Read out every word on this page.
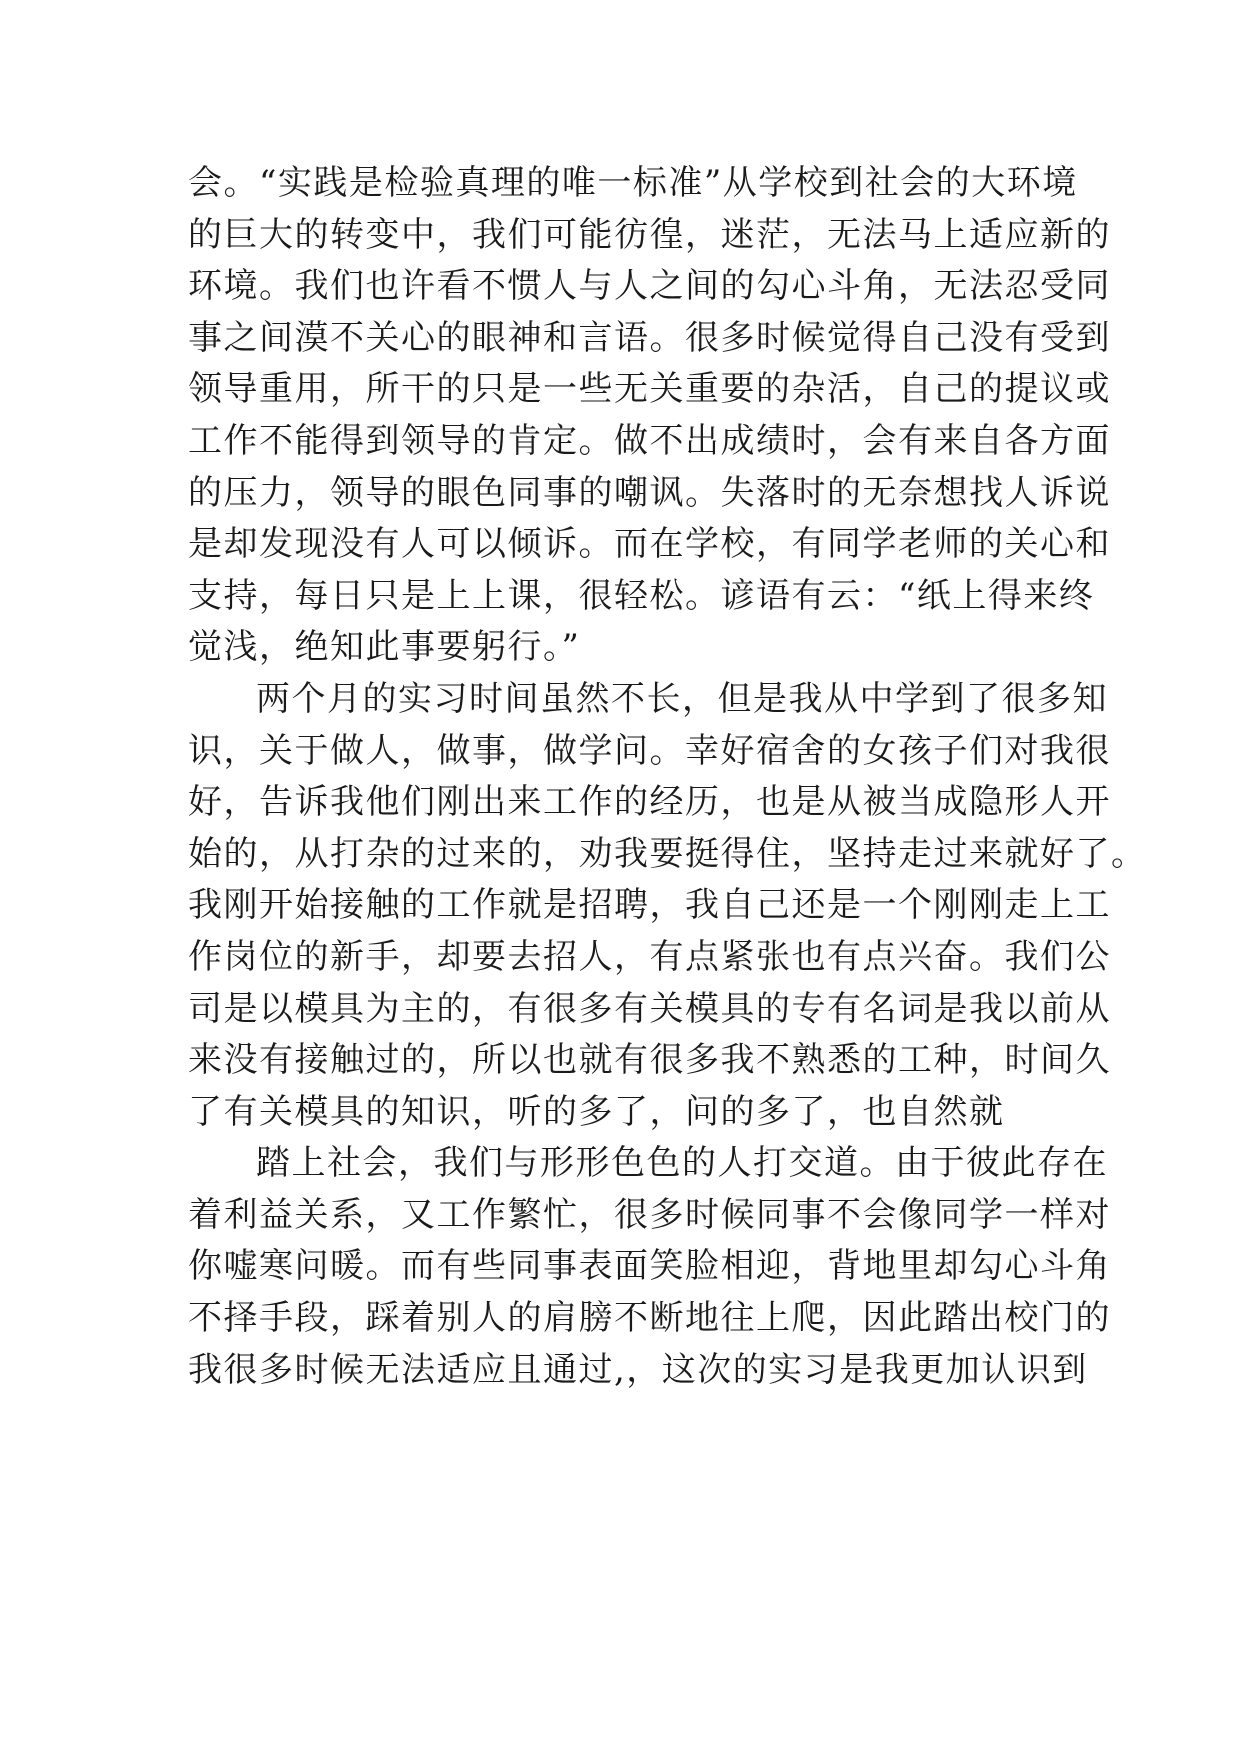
会。“实践是检验真理的唯一标准”从学校到社会的大环境
的巨大的转变中，我们可能彷徨，迷茫，无法马上适应新的
环境。我们也许看不惯人与人之间的勾心斗角，无法忍受同
事之间漠不关心的眼神和言语。很多时候觉得自己没有受到
领导重用，所干的只是一些无关重要的杂活，自己的提议或
工作不能得到领导的肯定。做不出成绩时，会有来自各方面
的压力，领导的眼色同事的嘲讽。失落时的无奈想找人诉说
是却发现没有人可以倾诉。而在学校，有同学老师的关心和
支持，每日只是上上课，很轻松。谚语有云：“纸上得来终
觉浅，绝知此事要躬行。”
两个月的实习时间虽然不长，但是我从中学到了很多知
识，关于做人，做事，做学问。幸好宿舍的女孩子们对我很
好，告诉我他们刚出来工作的经历，也是从被当成隐形人开
始的，从打杂的过来的，劝我要挺得住，坚持走过来就好了。
我刚开始接触的工作就是招聘，我自己还是一个刚刚走上工
作岗位的新手，却要去招人，有点紧张也有点兴奋。我们公
司是以模具为主的，有很多有关模具的专有名词是我以前从
来没有接触过的，所以也就有很多我不熟悉的工种，时间久
了有关模具的知识，听的多了，问的多了，也自然就
踏上社会，我们与形形色色的人打交道。由于彼此存在
着利益关系，又工作繁忙，很多时候同事不会像同学一样对
你嘘寒问暖。而有些同事表面笑脸相迎，背地里却勾心斗角
不择手段，踩着别人的肩膀不断地往上爬，因此踏出校门的
我很多时候无法适应且通过,，这次的实习是我更加认识到
